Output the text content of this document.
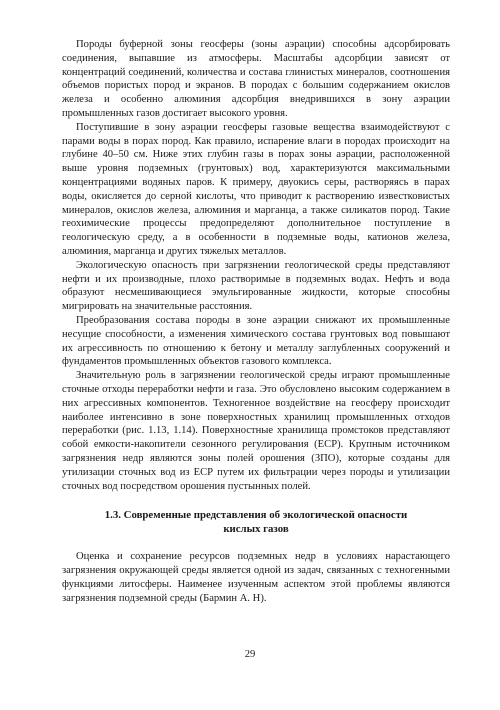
Породы буферной зоны геосферы (зоны аэрации) способны адсорбировать соединения, выпавшие из атмосферы. Масштабы адсорбции зависят от концентраций соединений, количества и состава глинистых минералов, соотношения объемов пористых пород и экранов. В породах с большим содержанием окислов железа и особенно алюминия адсорбция внедрившихся в зону аэрации промышленных газов достигает высокого уровня.

Поступившие в зону аэрации геосферы газовые вещества взаимодействуют с парами воды в порах пород. Как правило, испарение влаги в породах происходит на глубине 40–50 см. Ниже этих глубин газы в порах зоны аэрации, расположенной выше уровня подземных (грунтовых) вод, характеризуются максимальными концентрациями водяных паров. К примеру, двуокись серы, растворяясь в парах воды, окисляется до серной кислоты, что приводит к растворению известковистых минералов, окислов железа, алюминия и марганца, а также силикатов пород. Такие геохимические процессы предопределяют дополнительное поступление в геологическую среду, а в особенности в подземные воды, катионов железа, алюминия, марганца и других тяжелых металлов.

Экологическую опасность при загрязнении геологической среды представляют нефти и их производные, плохо растворимые в подземных водах. Нефть и вода образуют несмешивающиеся эмульгированные жидкости, которые способны мигрировать на значительные расстояния.

Преобразования состава породы в зоне аэрации снижают их промышленные несущие способности, а изменения химического состава грунтовых вод повышают их агрессивность по отношению к бетону и металлу заглубленных сооружений и фундаментов промышленных объектов газового комплекса.

Значительную роль в загрязнении геологической среды играют промышленные сточные отходы переработки нефти и газа. Это обусловлено высоким содержанием в них агрессивных компонентов. Техногенное воздействие на геосферу происходит наиболее интенсивно в зоне поверхностных хранилищ промышленных отходов переработки (рис. 1.13, 1.14). Поверхностные хранилища промстоков представляют собой емкости-накопители сезонного регулирования (ЕСР). Крупным источником загрязнения недр являются зоны полей орошения (ЗПО), которые созданы для утилизации сточных вод из ЕСР путем их фильтрации через породы и утилизации сточных вод посредством орошения пустынных полей.

1.3. Современные представления об экологической опасности кислых газов

Оценка и сохранение ресурсов подземных недр в условиях нарастающего загрязнения окружающей среды является одной из задач, связанных с техногенными функциями литосферы. Наименее изученным аспектом этой проблемы являются загрязнения подземной среды (Бармин А. Н).

29
